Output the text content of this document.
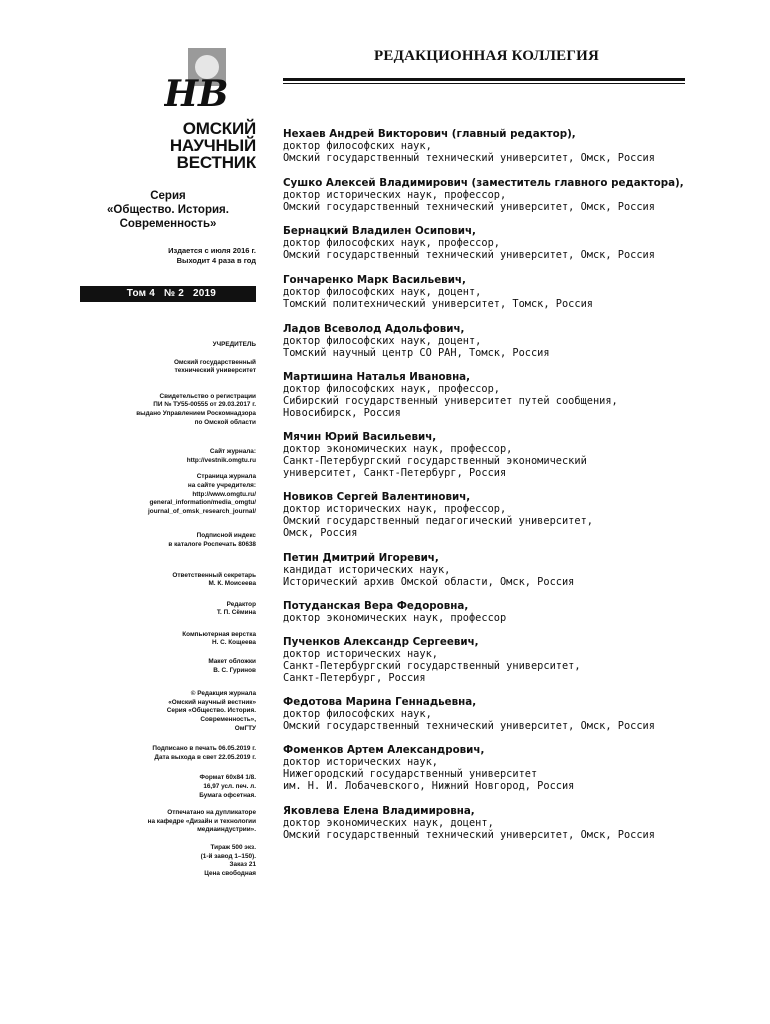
НВ
ОМСКИЙ
НАУЧНЫЙ
ВЕСТНИК
Серия
«Общество. История.
Современность»
Издается с июля 2016 г.
Выходит 4 раза в год
Том 4   № 2   2019
УЧРЕДИТЕЛЬ
Омский государственный
технический университет
Свидетельство о регистрации
ПИ № ТУ55-00555 от 29.03.2017 г.
выдано Управлением Роскомнадзора
по Омской области
Сайт журнала:
http://vestnik.omgtu.ru
Страница журнала
на сайте учредителя:
http://www.omgtu.ru/
general_information/media_omgtu/
journal_of_omsk_research_journal/
Подписной индекс
в каталоге Роспечать 80638
Ответственный секретарь
М. К. Моисеева
Редактор
Т. П. Сёмина
Компьютерная верстка
Н. С. Кощеева
Макет обложки
В. С. Гуринов
© Редакция журнала
«Омский научный вестник»
Серия «Общество. История.
Современность»,
ОмГТУ
Подписано в печать 06.05.2019 г.
Дата выхода в свет 22.05.2019 г.
Формат 60х84 1/8.
16,97 усл. печ. л.
Бумага офсетная.
Отпечатано на дупликаторе
на кафедре «Дизайн и технологии
медиаиндустрии».
Тираж 500 экз.
(1-й завод 1–150).
Заказ 21
Цена свободная
РЕДАКЦИОННАЯ КОЛЛЕГИЯ
Нехаев Андрей Викторович (главный редактор),
доктор философских наук,
Омский государственный технический университет, Омск, Россия
Сушко Алексей Владимирович (заместитель главного редактора),
доктор исторических наук, профессор,
Омский государственный технический университет, Омск, Россия
Бернацкий Владилен Осипович,
доктор философских наук, профессор,
Омский государственный технический университет, Омск, Россия
Гончаренко Марк Васильевич,
доктор философских наук, доцент,
Томский политехнический университет, Томск, Россия
Ладов Всеволод Адольфович,
доктор философских наук, доцент,
Томский научный центр СО РАН, Томск, Россия
Мартишина Наталья Ивановна,
доктор философских наук, профессор,
Сибирский государственный университет путей сообщения,
Новосибирск, Россия
Мячин Юрий Васильевич,
доктор экономических наук, профессор,
Санкт-Петербургский государственный экономический
университет, Санкт-Петербург, Россия
Новиков Сергей Валентинович,
доктор исторических наук, профессор,
Омский государственный педагогический университет,
Омск, Россия
Петин Дмитрий Игоревич,
кандидат исторических наук,
Исторический архив Омской области, Омск, Россия
Потуданская Вера Федоровна,
доктор экономических наук, профессор
Пученков Александр Сергеевич,
доктор исторических наук,
Санкт-Петербургский государственный университет,
Санкт-Петербург, Россия
Федотова Марина Геннадьевна,
доктор философских наук,
Омский государственный технический университет, Омск, Россия
Фоменков Артем Александрович,
доктор исторических наук,
Нижегородский государственный университет
им. Н. И. Лобачевского, Нижний Новгород, Россия
Яковлева Елена Владимировна,
доктор экономических наук, доцент,
Омский государственный технический университет, Омск, Россия
